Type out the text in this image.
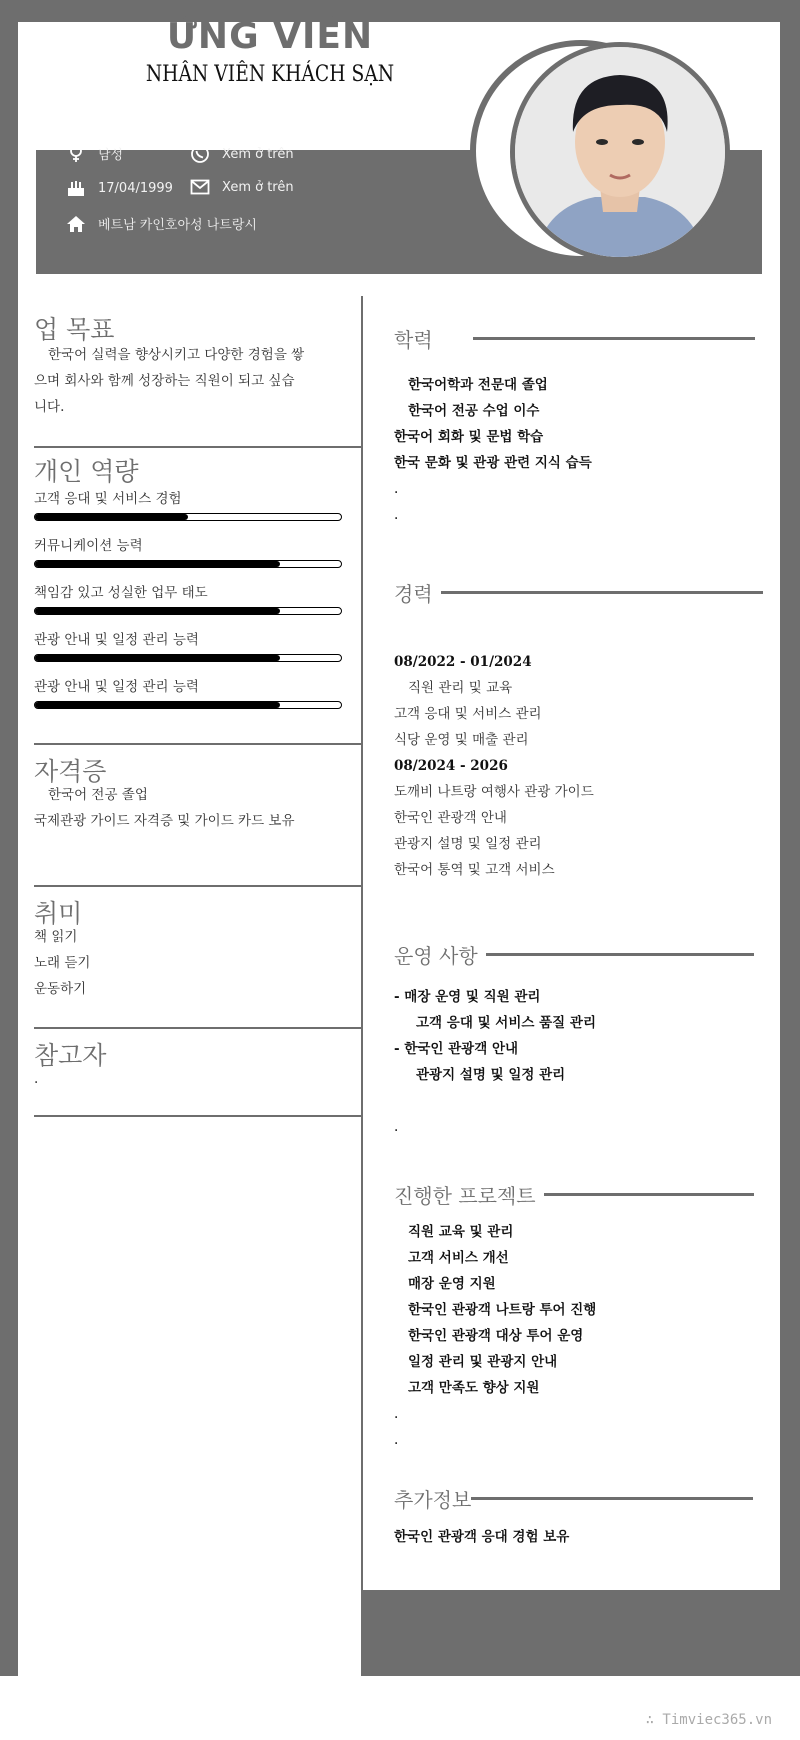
ỨNG VIÊN
NHÂN VIÊN KHÁCH SẠN
남성	Xem ở trên
17/04/1999	Xem ở trên
베트남 카인호아성 나트랑시
업 목표
한국어 실력을 향상시키고 다양한 경험을 쌓
으며 회사와 함께 성장하는 직원이 되고 싶습
니다.
개인 역량
고객 응대 및 서비스 경험
커뮤니케이션 능력
책임감 있고 성실한 업무 태도
관광 안내 및 일정 관리 능력
관광 안내 및 일정 관리 능력
자격증
한국어 전공 졸업
국제관광 가이드 자격증 및 가이드 카드 보유
취미
책 읽기
노래 듣기
운동하기
참고자
.
학력
한국어학과 전문대 졸업
한국어 전공 수업 이수
한국어 회화 및 문법 학습
한국 문화 및 관광 관련 지식 습득
.
.
경력
08/2022 - 01/2024
직원 관리 및 교육
고객 응대 및 서비스 관리
식당 운영 및 매출 관리
08/2024 - 2026
도깨비 나트랑 여행사 관광 가이드
한국인 관광객 안내
관광지 설명 및 일정 관리
한국어 통역 및 고객 서비스
운영 사항
- 매장 운영 및 직원 관리
고객 응대 및 서비스 품질 관리
- 한국인 관광객 안내
관광지 설명 및 일정 관리
.
진행한 프로젝트
직원 교육 및 관리
고객 서비스 개선
매장 운영 지원
한국인 관광객 나트랑 투어 진행
한국인 관광객 대상 투어 운영
일정 관리 및 관광지 안내
고객 만족도 향상 지원
.
.
추가정보
한국인 관광객 응대 경험 보유
∴ Timviec365.vn
